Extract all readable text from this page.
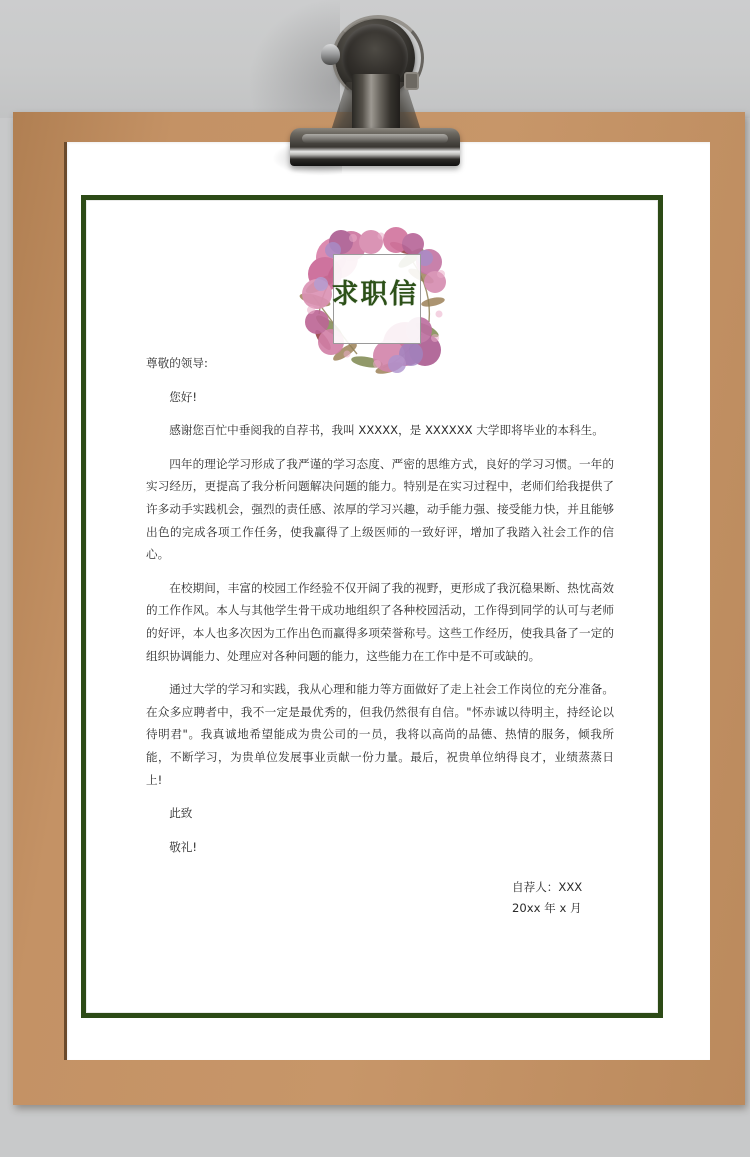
求职信

尊敬的领导:

您好!

感谢您百忙中垂阅我的自荐书，我叫 XXXXX，是 XXXXXX 大学即将毕业的本科生。

四年的理论学习形成了我严谨的学习态度、严密的思维方式，良好的学习习惯。一年的实习经历，更提高了我分析问题解决问题的能力。特别是在实习过程中，老师们给我提供了许多动手实践机会，强烈的责任感、浓厚的学习兴趣，动手能力强、接受能力快，并且能够出色的完成各项工作任务，使我赢得了上级医师的一致好评，增加了我踏入社会工作的信心。

在校期间，丰富的校园工作经验不仅开阔了我的视野，更形成了我沉稳果断、热忱高效的工作作风。本人与其他学生骨干成功地组织了各种校园活动，工作得到同学的认可与老师的好评，本人也多次因为工作出色而赢得多项荣誉称号。这些工作经历，使我具备了一定的组织协调能力、处理应对各种问题的能力，这些能力在工作中是不可或缺的。

通过大学的学习和实践，我从心理和能力等方面做好了走上社会工作岗位的充分准备。在众多应聘者中，我不一定是最优秀的，但我仍然很有自信。"怀赤诚以待明主，持经论以待明君"。我真诚地希望能成为贵公司的一员，我将以高尚的品德、热情的服务，倾我所能，不断学习，为贵单位发展事业贡献一份力量。最后，祝贵单位纳得良才，业绩蒸蒸日上!

此致

敬礼!

自荐人：XXX
20xx 年 x 月
